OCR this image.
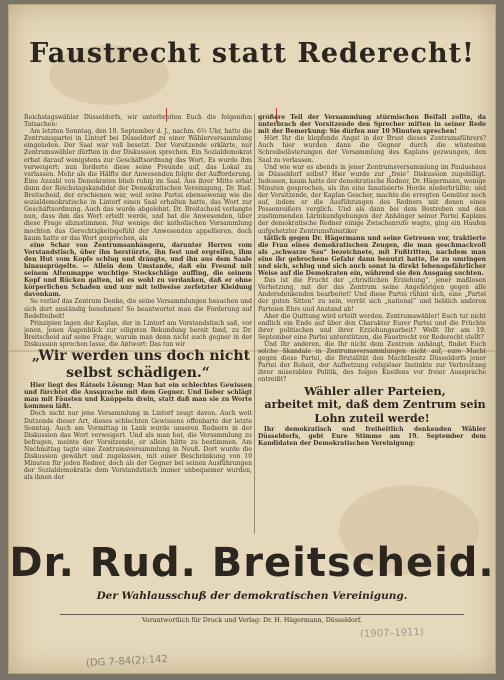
Faustrecht statt Rederecht!

Reichstagswähler Düsseldorfs, wir unterbreiten Euch die folgenden Tatsachen:

Am letzten Sonntag, den 10. September d. J., nachm. 6½ Uhr, hatte die Zentrumspartei in Lintorf bei Düsseldorf zu einer Wählerversammlung eingeladen. Der Saal war voll besetzt. Der Vorsitzende erklärte, nur Zentrumswähler dürften in der Diskussion sprechen. Ein Sozialdemokrat erbat darauf wenigstens zur Geschäftsordnung das Wort. Es wurde ihm verweigert; nun forderte diese seine Freunde auf, das Lokal zu verlassen. Mehr als die Hälfte der Anwesenden folgte der Aufforderung. Eine Anzahl von Demokraten blieb ruhig im Saal. Aus ihrer Mitte erbat dann der Reichstagskandidat der Demokratischen Vereinigung, Dr. Rud. Breitscheid, der erschienen war, weil seine Partei ebensowenig wie die sozialdemokratische in Lintorf einen Saal erhalten hatte, das Wort zur Geschäftsordnung. Auch das wurde abgelehnt. Dr. Breitscheid verlangte nun, dass ihm das Wort erteilt werde, und bat die Anwesenden, über diese Frage abzustimmen. Nur wenige der katholischen Versammlung mochten das Gerechtigkeitsgefühl der Anwesenden appellieren, doch kaum hatte er das Wort gesprochen, als

eine Schar von Zentrumsanhängern, darunter Herren vom Vorstandstisch, über ihn herstürzte, ihn fest und ergreifen, ihm den Hut vom Kopfe schlug und drängte, und ihn aus dem Saale hinausprügelte. — Allein dem Umstande, daß ein Freund mit seinem Altenmappe wuchtige Stockschläge auffing, die seinem Kopf und Rücken galten, ist es wohl zu verdanken, daß er ohne körperlichen Schaden und nur mit teilweise zerfetzter Kleidung davonkam.

So verlief das Zentrum Denke, die seine Versammlungen besuchen und sich dort anständig benehmen! So beantwortet man die Forderung auf Redefreiheit!

Prinzipien lagen der Kaplan, der in Lintorf am Vorstandstisch saß, vor jenen, jenen Augenblick zur eiligsten Bekundung bereit fand, zu Dr. Breitscheid auf seine Frage, warum man denn nicht auch gegner in der Diskussion sprechen lasse, die Antwort: Das tun wir

„Wir werden uns doch nicht selbst schädigen.“

Hier liegt des Rätsels Lösung: Man hat ein schlechtes Gewissen und fürchtet die Aussprache mit dem Gegner. Und lieber schlägt man mit Fäusten und Knüppeln drein, statt daß man sie zu Worte kommen läßt.

Doch nicht nur jene Versammlung in Lintorf zeugt davon. Auch weit Dutzende dieser Art, dieses schlechten Gewissens offenbarte der letzte Sonntag. Auch am Vormittag in Lank wurde unseren Rednern in der Diskussion das Wort verweigert. Und als man bat, die Versammlung zu befragen, meinte der Vorsitzende, er allein hätte zu bestimmen. Am Nachmittag tagte eine Zentrumsversammlung in Neuß. Dort wurde die Diskussion gewährt und zugelassen, mit einer Beschränkung von 10 Minuten für jeden Redner, doch als der Gegner bei seinen Ausführungen der Sozialdemokratie dem Vorstandstisch immer unbequemer wurden, als ihnen der

größere Teil der Versammlung stürmischen Beifall zollte, da unterbrach der Vorsitzende den Sprecher mitten in seiner Rede mit der Bemerkung: Sie dürfen nur 10 Minuten sprechen!

Hört Ihr die klopfende Angst in der Brust dieses Zentrumsführers? Auch hier wurden dann die Gegner durch die wüstesten Schreibelästerungen der Versammlung des Kaplans gezwungen, den Saal zu verlassen.

Und wie war es abends in jener Zentrumsversammlung im Paulushaus in Düsseldorf selbst? Hier wurde zur „freie“ Diskussion zugebilligt. Indessen, kaum hatte der demokratische Redner, Dr. Hägermann, wenige Minuten gesprochen, als ihn eine fanatisierte Horde niederbrüllte; und der Vorsitzende, der Kaplan Gescher, machte die erregten Gemüter noch auf, indem er die Ausführungen des Redners mit denen eines Possenreißers verglich. Und als dann bei dem Bestreben und den zustimmenden Lärmkundgebungen der Anhänger seiner Partei Kaplans der demokratische Redner einige Zwischenrufe wagte, ging ein Haufen aufgehetzter Zentrumsfanatiker

tätlich gegen Dr. Hägermann und seine Getreuen vor, traktierte die Frau eines demokratischen Zeugen, die man geschmackvoll als „schwarze Sau“ bezeichnete, mit Fußtritten, nachdem man eine ihr gebrochene Gefahr dann benutzt hatte, ſie zu umringen und sich, schlug und sich auch sonst in direkt lebensgefährlicher Weise auf die Demokraten ein, während sie den Ausgang suchten.

Das ist die Frucht der „christlichen Erziehung“, jener maßlosen Verhetzung, mit der das Zentrum seine Angehörigen gegen alle Andersdenkenden bearbeitet! Und diese Partei rühmt sich, eine „Partei der guten Sitten“ zu sein, verrät sich „national“ und lieblich anderen Parteien Ehre und Anstand ab!

Aber die Quittung wird erteilt werden. Zentrumswähler! Euch tut nicht endlich ein Ende auf über den Charakter Eurer Partei und die Früchte ihrer politischen und ihrer Erziehungsarbeit? Wollt Ihr am 19. September eine Partei unterstützen, die Faustrecht vor Rederecht stellt?

Und Ihr anderen, die Ihr nicht dem Zentrum anhängt, findet Euch solche Skandale in Zentrumsversammlungen nicht auf, eure Macht gegen diese Partei, die Brutalität den Machtbesitz Düsseldorfs jener Partei der Roheit, der Aufhetzung religiöser Instinkte zur Verbreitung ihrer miserablen Politik, des feigen Kneifens vor freier Aussprache entreißt?

Wähler aller Parteien,

arbeitet mit, daß dem Zentrum sein Lohn zuteil werde!

Ihr demokratisch und freiheitlich denkenden Wähler Düsseldorfs, gebt Eure Stimme am 19. September dem Kandidaten der Demokratischen Vereinigung:

Dr. Rud. Breitscheid.
Der Wahlausschuß der demokratischen Vereinigung.
Verantwortlich für Druck und Verlag: Dr. H. Hägermann, Düsseldorf.
(1907–1911)
(DG 7-84(2):142
